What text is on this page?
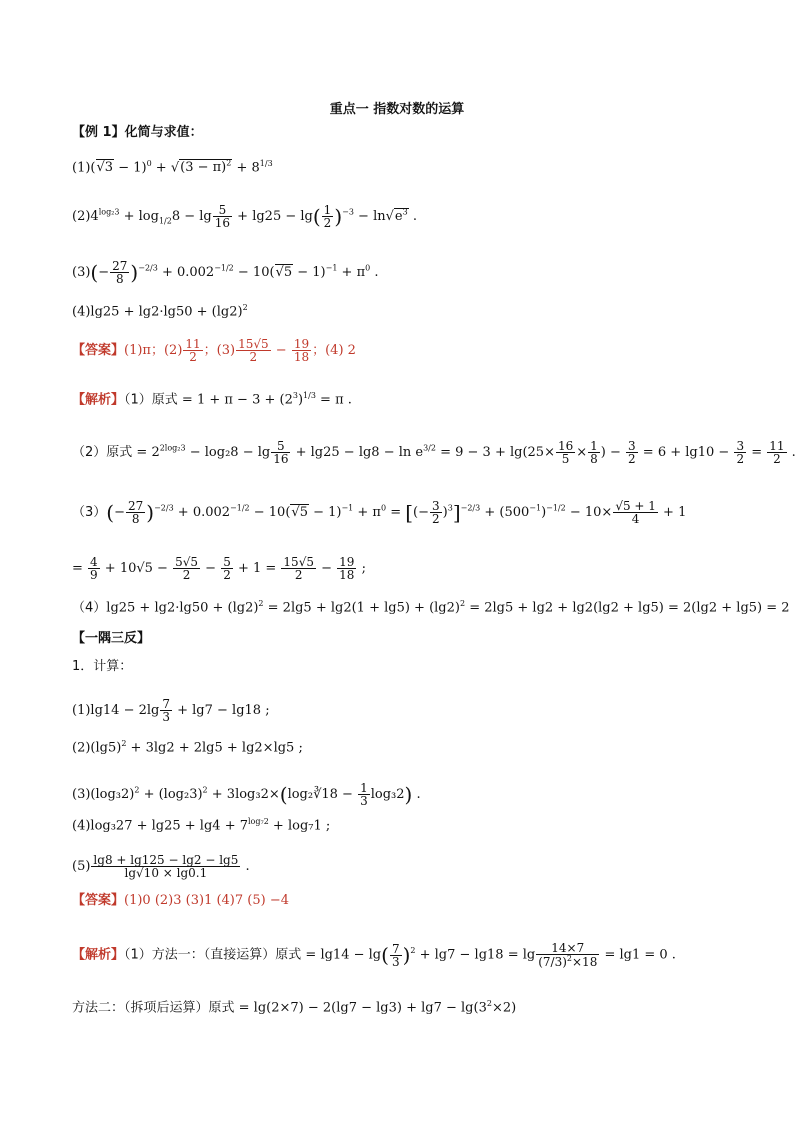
重点一 指数对数的运算
【例 1】化简与求值：
$(1)(√3 - 1)^0 + √(3 - \pi)^2 + 8^{1/3}$
$(2)4^{log_23} + \log_{1/2}8 - \lg \frac{5}{16} + \lg 25 - \lg( \frac{1}{2} )^{-3} - \ln√e^3$ .
$(3)(- \frac{27}{8} )^{-2/3} + 0.002^{-1/2} - 10(√5 - 1)^{-1} + \pi^0$ .
$(4)\lg 25 + \lg 2\cdot\lg 50 + (\lg 2)^2$
【答案】(1)π；$(2) \frac{11}{2}$ ；$(3) \frac{15√5}{2} - \frac{19}{18}$ ；(4) 2
【解析】（1）原式 = $1 + \pi - 3 + (2^3)^{1/3} = \pi$ .
（2）原式 = $2^{2log_23} - \log_28 - \lg \frac{5}{16} + \lg 25 - \lg 8 - \ln e^{3/2} = 9 - 3 + \lg(25\times \frac{16}{5} \times \frac{1}{8}$ ) − $\frac{3}{2} = 6 + \lg 10 - \frac{3}{2} = \frac{11}{2}$ .
$(3)(- \frac{27}{8} )^{-2/3} + 0.002^{-1/2} - 10(√5 - 1)^{-1} + \pi^0$ = [(− $\frac{3}{2} )^3]^{-2/3} + (500^{-1})^{-1/2} - 10\times \frac{√5 + 1}{4} + 1$
= $\frac{4}{9} + 10√5 - \frac{5√5}{2} - \frac{5}{2} + 1 = \frac{15√5}{2} - \frac{19}{18}$ ;
$(4)\lg 25 + \lg 2\cdot\lg 50 + (\lg 2)^2 = 2\lg 5 + \lg 2(1 + \lg 5) + (\lg 2)^2 = 2\lg 5 + \lg 2 + \lg 2(\lg 2 + \lg 5) = 2(\lg 2 + \lg 5) = 2$
【一隅三反】
1．计算：
$(1)\lg 14 - 2\lg \frac{7}{3} + \lg 7 - \lg 18$ ;
$(2)(\lg 5)^2 + 3\lg 2 + 2\lg 5 + \lg 2\times\lg 5$ ;
$(3)(\log_32)^2 + (\log_23)^2$ + 3log₃2×(log₂∛18 − $\frac{1}{3} \log_32$) .
$(4)\log_327 + \lg 25 + \lg 4 + 7^{log_72} + \log_71$ ;
$(5) \frac{\lg 8 + \lg 125 - \lg 2 - \lg 5}{\lg√10 \times \lg 0.1}$ .
【答案】(1)0 (2)3 (3)1 (4)7 (5) −4
【解析】（1）方法一：（直接运算）原式 = $\lg 14 - \lg( \frac{7}{3} )^2 + \lg 7 - \lg 18 = \lg \frac{14\times 7}{(7/3)^2\times 18} = \lg 1 = 0$ .
方法二：（拆项后运算）原式 = $\lg(2\times 7) - 2(\lg 7 - \lg 3) + \lg 7 - \lg(3^2\times 2)$
